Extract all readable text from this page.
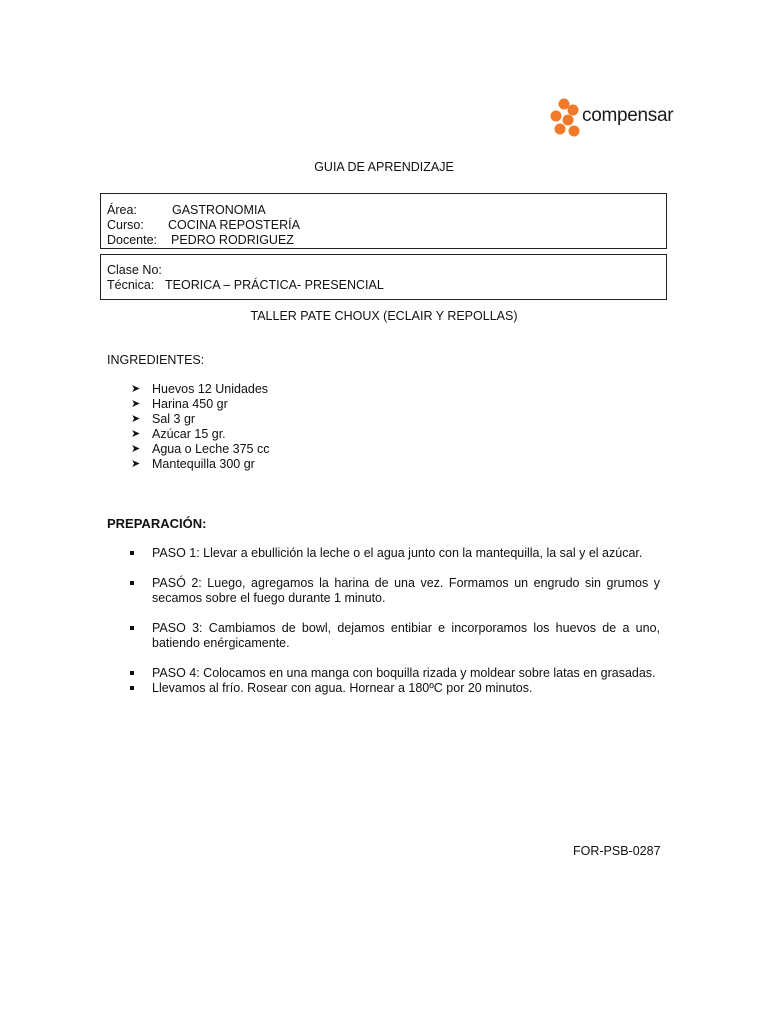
compensar
GUIA DE APRENDIZAJE
Área:	GASTRONOMIA
Curso: COCINA REPOSTERÍA
Docente: PEDRO RODRIGUEZ
Clase No:
Técnica: TEORICA – PRÁCTICA- PRESENCIAL
TALLER PATE CHOUX (ECLAIR Y REPOLLAS)
INGREDIENTES:
➤ Huevos 12 Unidades
➤ Harina 450 gr
➤ Sal 3 gr
➤ Azúcar 15 gr.
➤ Agua o Leche 375 cc
➤ Mantequilla 300 gr
PREPARACIÓN:
PASO 1: Llevar a ebullición la leche o el agua junto con la mantequilla, la sal y el azúcar.
PASÓ 2: Luego, agregamos la harina de una vez. Formamos un engrudo sin grumos y secamos sobre el fuego durante 1 minuto.
PASO 3: Cambiamos de bowl, dejamos entibiar e incorporamos los huevos de a uno, batiendo enérgicamente.
PASO 4: Colocamos en una manga con boquilla rizada y moldear sobre latas en grasadas.
Llevamos al frío. Rosear con agua. Hornear a 180ºC por 20 minutos.
FOR-PSB-0287
